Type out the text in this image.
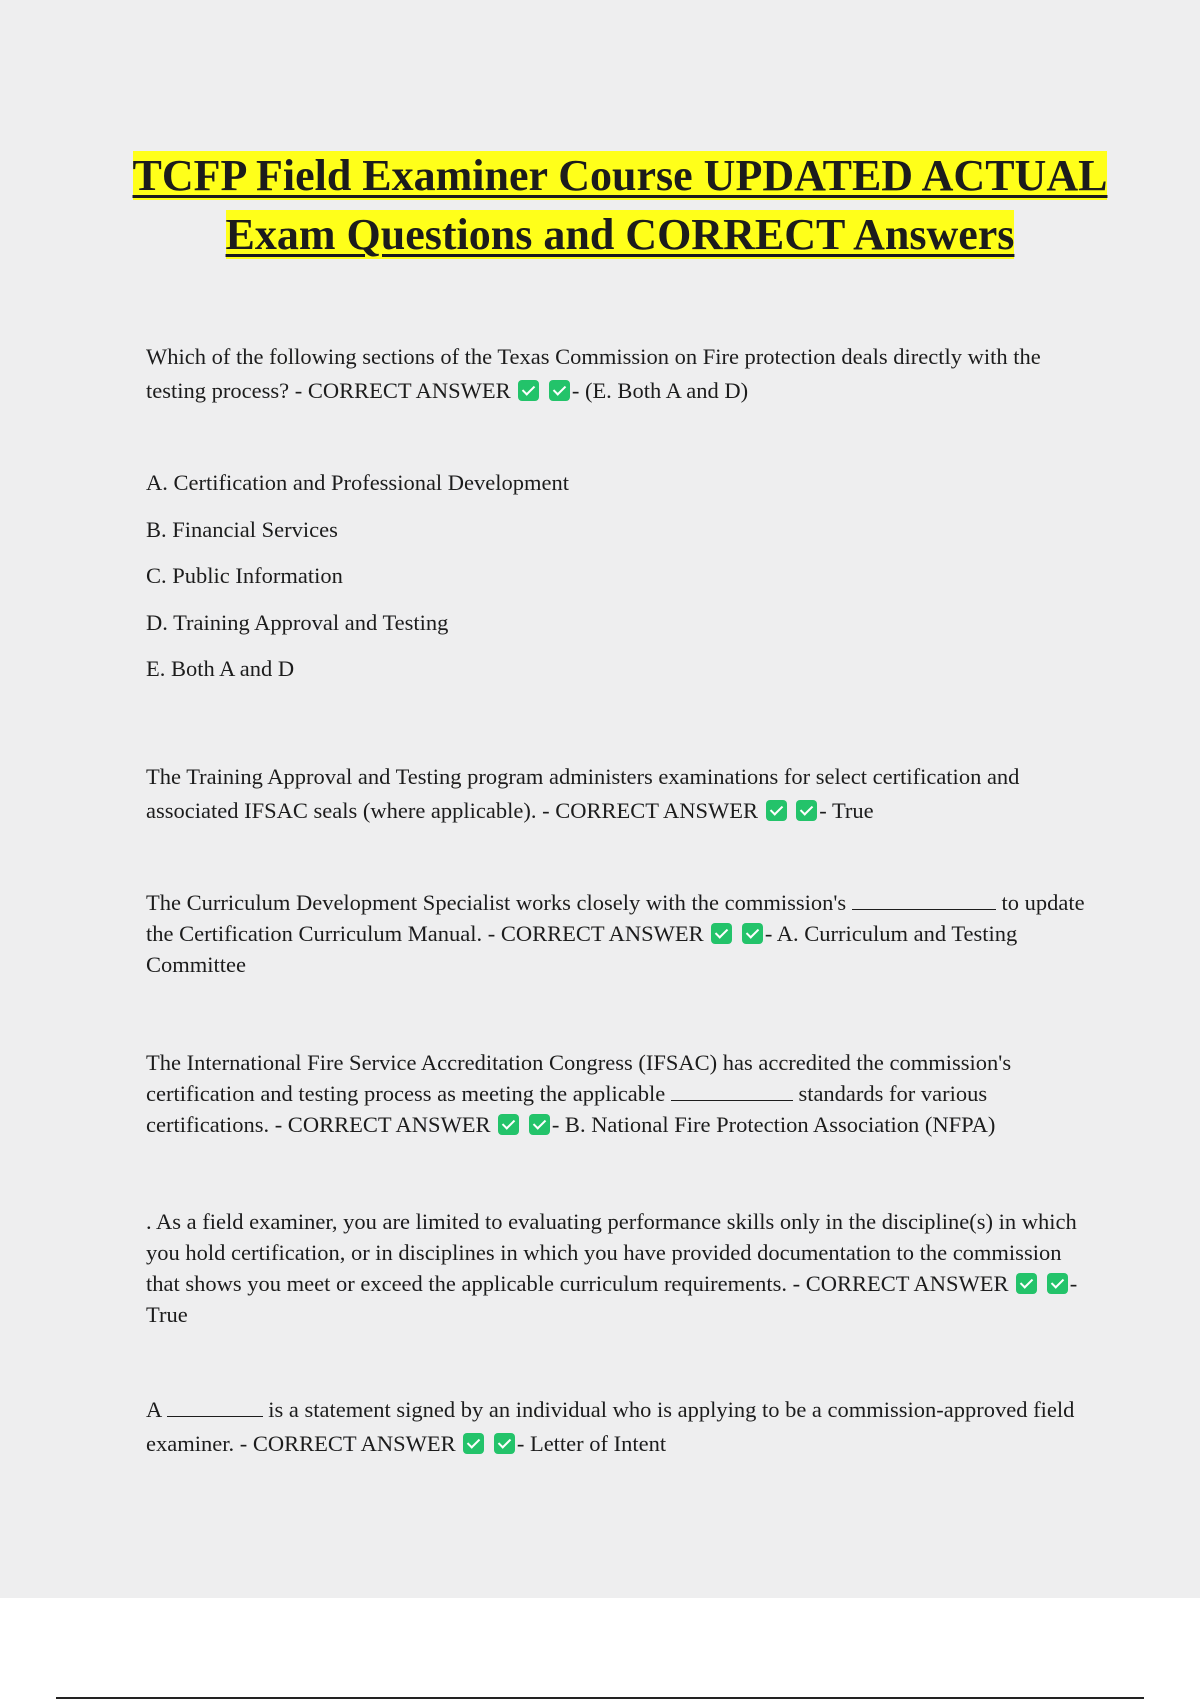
TCFP Field Examiner Course UPDATED ACTUAL Exam Questions and CORRECT Answers

Which of the following sections of the Texas Commission on Fire protection deals directly with the testing process? - CORRECT ANSWER	- (E. Both A and D)

A. Certification and Professional Development
B. Financial Services
C. Public Information
D. Training Approval and Testing
E. Both A and D

The Training Approval and Testing program administers examinations for select certification and associated IFSAC seals (where applicable). - CORRECT ANSWER	- True

The Curriculum Development Specialist works closely with the commission's	to update the Certification Curriculum Manual. - CORRECT ANSWER	- A. Curriculum and Testing Committee

The International Fire Service Accreditation Congress (IFSAC) has accredited the commission's certification and testing process as meeting the applicable	standards for various certifications. - CORRECT ANSWER	- B. National Fire Protection Association (NFPA)

. As a field examiner, you are limited to evaluating performance skills only in the discipline(s) in which you hold certification, or in disciplines in which you have provided documentation to the commission that shows you meet or exceed the applicable curriculum requirements. - CORRECT ANSWER	- True

A	is a statement signed by an individual who is applying to be a commission-approved field examiner. - CORRECT ANSWER	- Letter of Intent
